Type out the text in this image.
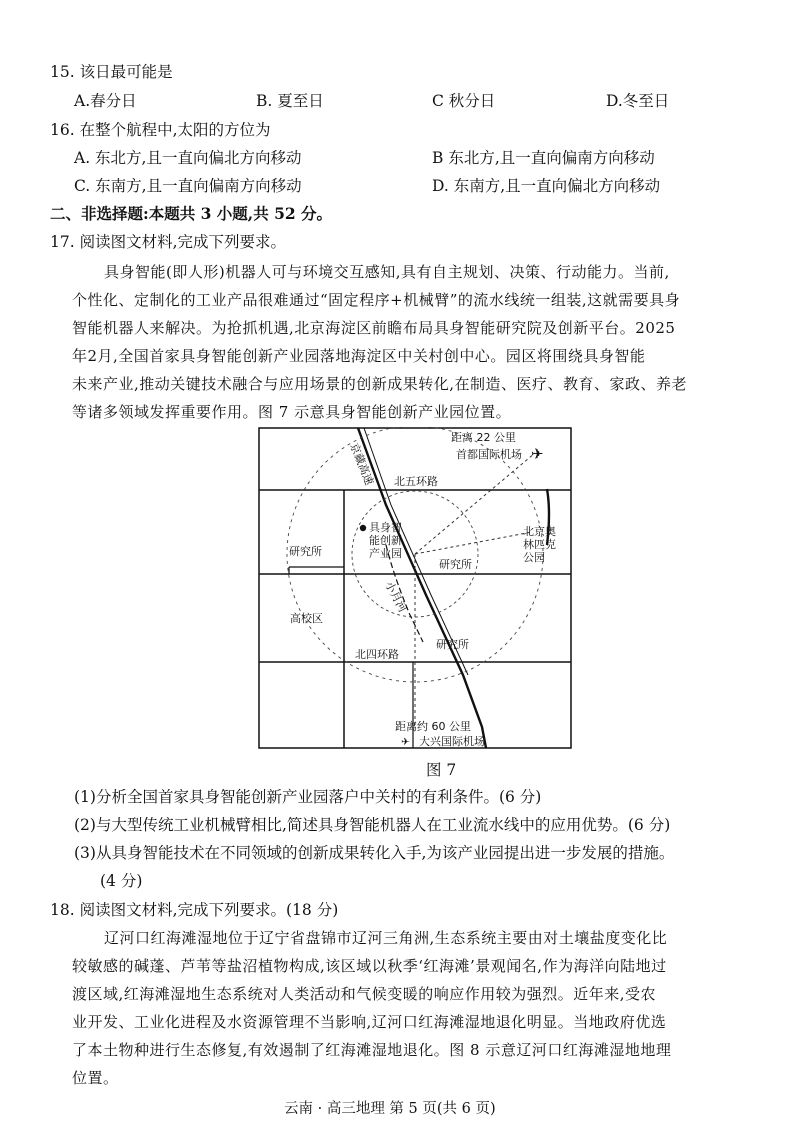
15. 该日最可能是
A.春分日	B. 夏至日	C 秋分日	D.冬至日
16. 在整个航程中,太阳的方位为
A. 东北方,且一直向偏北方向移动	B 东北方,且一直向偏南方向移动
C. 东南方,且一直向偏南方向移动	D. 东南方,且一直向偏北方向移动
二、非选择题:本题共 3 小题,共 52 分。
17. 阅读图文材料,完成下列要求。
具身智能(即人形)机器人可与环境交互感知,具有自主规划、决策、行动能力。当前,
个性化、定制化的工业产品很难通过“固定程序+机械臂”的流水线统一组装,这就需要具身
智能机器人来解决。为抢抓机遇,北京海淀区前瞻布局具身智能研究院及创新平台。2025
年2月,全国首家具身智能创新产业园落地海淀区中关村创中心。园区将围绕具身智能
未来产业,推动关键技术融合与应用场景的创新成果转化,在制造、医疗、教育、家政、养老
等诸多领域发挥重要作用。图 7 示意具身智能创新产业园位置。
距离 22 公里
首都国际机场 ✈
京藏高速 北五环路
具身智
能创新
产业园
研究所
研究所
高校区
小月河
北京奥
林匹克
公园
北四环路
研究所
距离约 60 公里
✈ 大兴国际机场
图 7
(1)分析全国首家具身智能创新产业园落户中关村的有利条件。(6 分)
(2)与大型传统工业机械臂相比,简述具身智能机器人在工业流水线中的应用优势。(6 分)
(3)从具身智能技术在不同领域的创新成果转化入手,为该产业园提出进一步发展的措施。
(4 分)
18. 阅读图文材料,完成下列要求。(18 分)
辽河口红海滩湿地位于辽宁省盘锦市辽河三角洲,生态系统主要由对土壤盐度变化比
较敏感的碱蓬、芦苇等盐沼植物构成,该区域以秋季‘红海滩’景观闻名,作为海洋向陆地过
渡区域,红海滩湿地生态系统对人类活动和气候变暖的响应作用较为强烈。近年来,受农
业开发、工业化进程及水资源管理不当影响,辽河口红海滩湿地退化明显。当地政府优选
了本土物种进行生态修复,有效遏制了红海滩湿地退化。图 8 示意辽河口红海滩湿地地理
位置。
云南 · 高三地理 第 5 页(共 6 页)
